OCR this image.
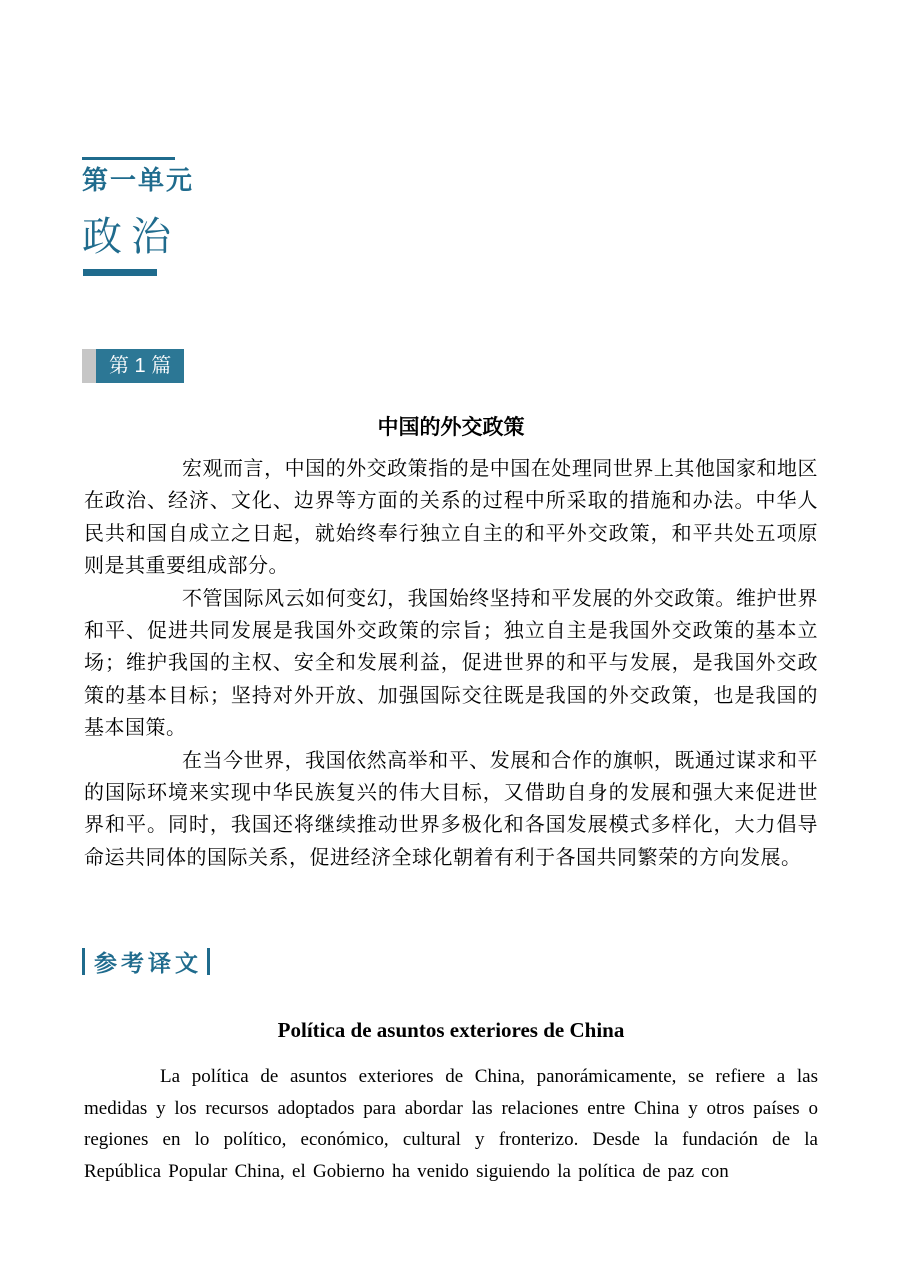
第一单元
政治
第 1 篇
中国的外交政策

宏观而言，中国的外交政策指的是中国在处理同世界上其他国家和地区在政治、经济、文化、边界等方面的关系的过程中所采取的措施和办法。中华人民共和国自成立之日起，就始终奉行独立自主的和平外交政策，和平共处五项原则是其重要组成部分。

不管国际风云如何变幻，我国始终坚持和平发展的外交政策。维护世界和平、促进共同发展是我国外交政策的宗旨；独立自主是我国外交政策的基本立场；维护我国的主权、安全和发展利益，促进世界的和平与发展，是我国外交政策的基本目标；坚持对外开放、加强国际交往既是我国的外交政策，也是我国的基本国策。

在当今世界，我国依然高举和平、发展和合作的旗帜，既通过谋求和平的国际环境来实现中华民族复兴的伟大目标，又借助自身的发展和强大来促进世界和平。同时，我国还将继续推动世界多极化和各国发展模式多样化，大力倡导命运共同体的国际关系，促进经济全球化朝着有利于各国共同繁荣的方向发展。

参考译文
Política de asuntos exteriores de China

La política de asuntos exteriores de China, panorámicamente, se refiere a las medidas y los recursos adoptados para abordar las relaciones entre China y otros países o regiones en lo político, económico, cultural y fronterizo. Desde la fundación de la República Popular China, el Gobierno ha venido siguiendo la política de paz con
